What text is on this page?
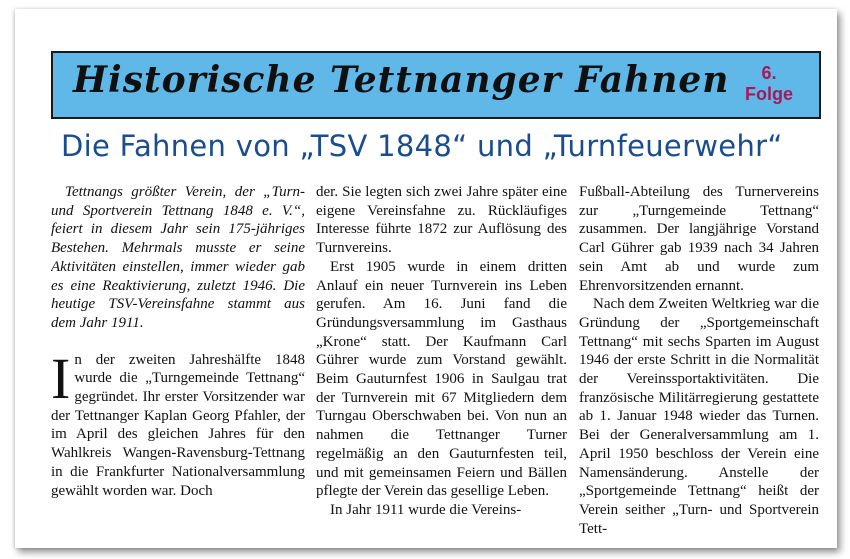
Historische Tettnanger Fahnen	6.
Folge
Die Fahnen von „TSV 1848“ und „Turnfeuerwehr“

Tettnangs größter Verein, der „Turn- und Sportverein Tettnang 1848 e. V.“, feiert in diesem Jahr sein 175-jähriges Bestehen. Mehrmals musste er seine Aktivitäten einstellen, immer wieder gab es eine Reaktivierung, zuletzt 1946. Die heutige TSV-Vereinsfahne stammt aus dem Jahr 1911.

In der zweiten Jahreshälfte 1848 wurde die „Turngemeinde Tettnang“ gegründet. Ihr erster Vorsitzender war der Tettnanger Kaplan Georg Pfahler, der im April des gleichen Jahres für den Wahlkreis Wangen-Ravensburg-Tettnang in die Frankfurter Nationalversammlung gewählt worden war. Doch

der. Sie legten sich zwei Jahre später eine eigene Vereinsfahne zu. Rückläufiges Interesse führte 1872 zur Auflösung des Turnvereins.

Erst 1905 wurde in einem dritten Anlauf ein neuer Turnverein ins Leben gerufen. Am 16. Juni fand die Gründungsversammlung im Gasthaus „Krone“ statt. Der Kaufmann Carl Gührer wurde zum Vorstand gewählt. Beim Gauturnfest 1906 in Saulgau trat der Turnverein mit 67 Mitgliedern dem Turngau Oberschwaben bei. Von nun an nahmen die Tettnanger Turner regelmäßig an den Gauturnfesten teil, und mit gemeinsamen Feiern und Bällen pflegte der Verein das gesellige Leben.

In Jahr 1911 wurde die Vereins-

Fußball-Abteilung des Turnervereins zur „Turngemeinde Tettnang“ zusammen. Der langjährige Vorstand Carl Gührer gab 1939 nach 34 Jahren sein Amt ab und wurde zum Ehrenvorsitzenden ernannt.

Nach dem Zweiten Weltkrieg war die Gründung der „Sportgemeinschaft Tettnang“ mit sechs Sparten im August 1946 der erste Schritt in die Normalität der Vereinssportaktivitäten. Die französische Militärregierung gestattete ab 1. Januar 1948 wieder das Turnen. Bei der Generalversammlung am 1. April 1950 beschloss der Verein eine Namensänderung. Anstelle der „Sportgemeinde Tettnang“ heißt der Verein seither „Turn- und Sportverein Tett-
